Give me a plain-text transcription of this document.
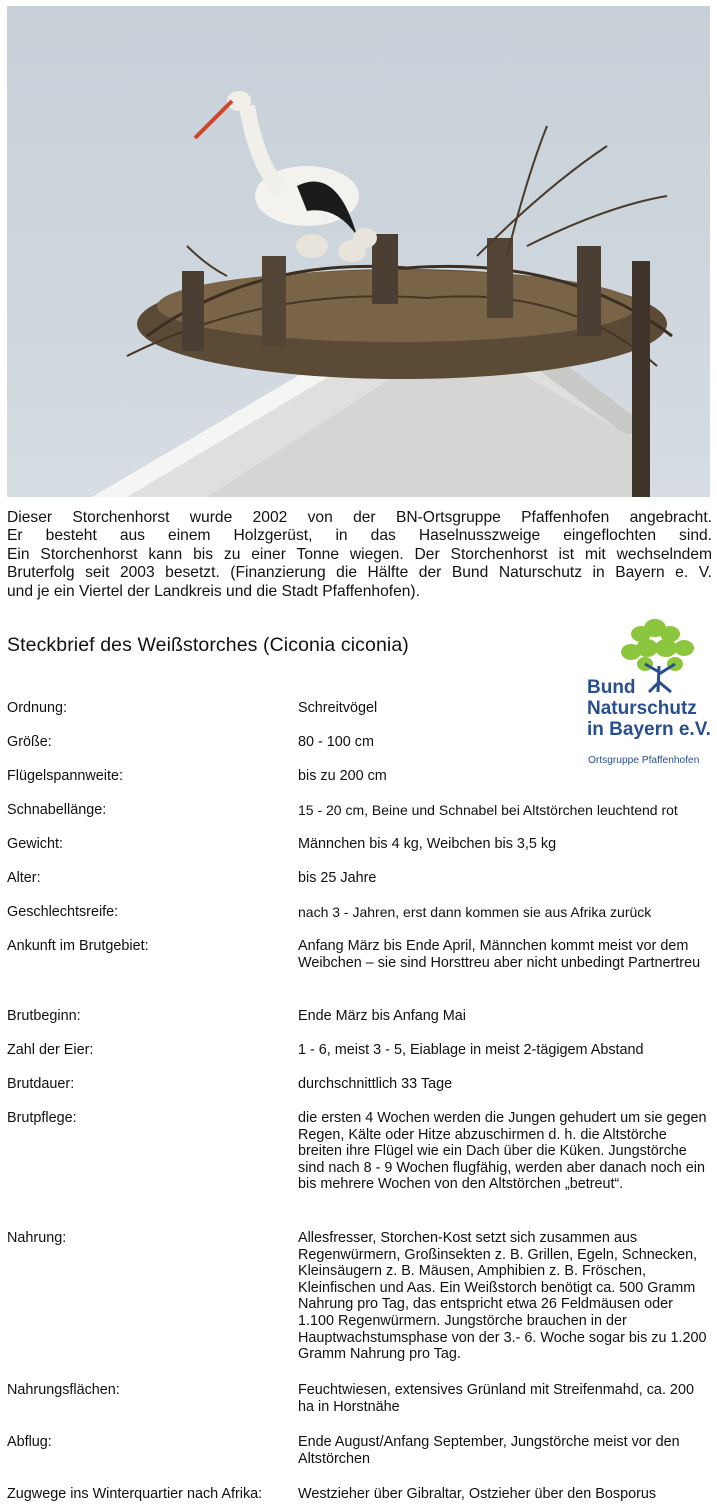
Dieser Storchenhorst wurde 2002 von der BN-Ortsgruppe Pfaffenhofen angebracht.
Er besteht aus einem Holzgerüst, in das Haselnusszweige eingeflochten sind.
Ein Storchenhorst kann bis zu einer Tonne wiegen. Der Storchenhorst ist mit wechselndem
Bruterfolg seit 2003 besetzt. (Finanzierung die Hälfte der Bund Naturschutz in Bayern e. V.
und je ein Viertel der Landkreis und die Stadt Pfaffenhofen).
Steckbrief des Weißstorches (Ciconia ciconia)
Bund
Naturschutz
in Bayern e.V.
Ortsgruppe Pfaffenhofen
Ordnung:	Schreitvögel
Größe:	80 - 100 cm
Flügelspannweite:	bis zu 200 cm
Schnabellänge:	15 - 20 cm, Beine und Schnabel bei Altstörchen leuchtend rot
Gewicht:	Männchen bis 4 kg, Weibchen bis 3,5 kg
Alter:	bis 25 Jahre
Geschlechtsreife:	nach 3 - Jahren, erst dann kommen sie aus Afrika zurück
Ankunft im Brutgebiet:	Anfang März bis Ende April, Männchen kommt meist vor dem Weibchen – sie sind Horsttreu aber nicht unbedingt Partnertreu
Brutbeginn:	Ende März bis Anfang Mai
Zahl der Eier:	1 - 6, meist 3 - 5, Eiablage in meist 2-tägigem Abstand
Brutdauer:	durchschnittlich 33 Tage
Brutpflege:	die ersten 4 Wochen werden die Jungen gehudert um sie gegen Regen, Kälte oder Hitze abzuschirmen d. h. die Altstörche breiten ihre Flügel wie ein Dach über die Küken. Jungstörche sind nach 8 - 9 Wochen flugfähig, werden aber danach noch ein bis mehrere Wochen von den Altstörchen „betreut“.
Nahrung:	Allesfresser, Storchen-Kost setzt sich zusammen aus Regenwürmern, Großinsekten z. B. Grillen, Egeln, Schnecken, Kleinsäugern z. B. Mäusen, Amphibien z. B. Fröschen, Kleinfischen und Aas. Ein Weißstorch benötigt ca. 500 Gramm Nahrung pro Tag, das entspricht etwa 26 Feldmäusen oder 1.100 Regenwürmern. Jungstörche brauchen in der Hauptwachstumsphase von der 3.- 6. Woche sogar bis zu 1.200 Gramm Nahrung pro Tag.
Nahrungsflächen:	Feuchtwiesen, extensives Grünland mit Streifenmahd, ca. 200 ha in Horstnähe
Abflug:	Ende August/Anfang September, Jungstörche meist vor den Altstörchen
Zugwege ins Winterquartier nach Afrika: Westzieher über Gibraltar, Ostzieher über den Bosporus
